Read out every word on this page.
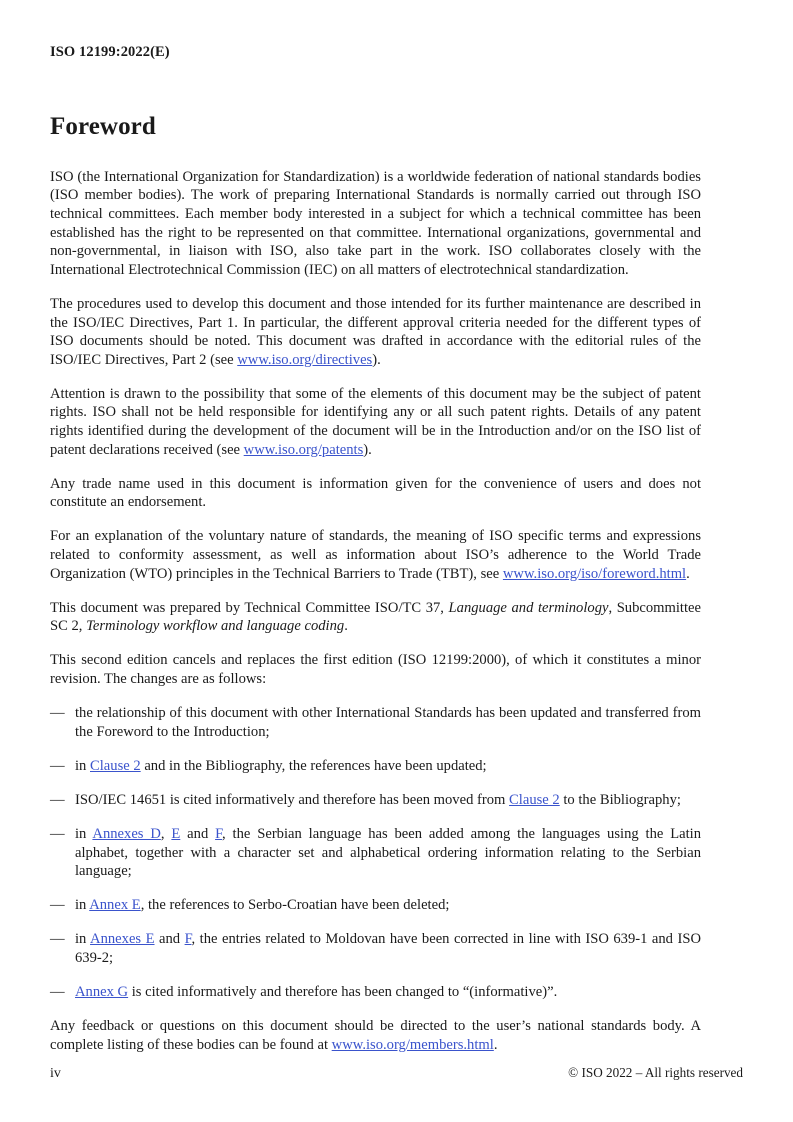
ISO 12199:2022(E)
Foreword

ISO (the International Organization for Standardization) is a worldwide federation of national standards bodies (ISO member bodies). The work of preparing International Standards is normally carried out through ISO technical committees. Each member body interested in a subject for which a technical committee has been established has the right to be represented on that committee. International organizations, governmental and non-governmental, in liaison with ISO, also take part in the work. ISO collaborates closely with the International Electrotechnical Commission (IEC) on all matters of electrotechnical standardization.

The procedures used to develop this document and those intended for its further maintenance are described in the ISO/IEC Directives, Part 1. In particular, the different approval criteria needed for the different types of ISO documents should be noted. This document was drafted in accordance with the editorial rules of the ISO/IEC Directives, Part 2 (see www.iso.org/directives).

Attention is drawn to the possibility that some of the elements of this document may be the subject of patent rights. ISO shall not be held responsible for identifying any or all such patent rights. Details of any patent rights identified during the development of the document will be in the Introduction and/or on the ISO list of patent declarations received (see www.iso.org/patents).

Any trade name used in this document is information given for the convenience of users and does not constitute an endorsement.

For an explanation of the voluntary nature of standards, the meaning of ISO specific terms and expressions related to conformity assessment, as well as information about ISO’s adherence to the World Trade Organization (WTO) principles in the Technical Barriers to Trade (TBT), see www.iso.org/iso/foreword.html.

This document was prepared by Technical Committee ISO/TC 37, Language and terminology, Subcommittee SC 2, Terminology workflow and language coding.

This second edition cancels and replaces the first edition (ISO 12199:2000), of which it constitutes a minor revision. The changes are as follows:

— the relationship of this document with other International Standards has been updated and transferred from the Foreword to the Introduction;
— in Clause 2 and in the Bibliography, the references have been updated;
— ISO/IEC 14651 is cited informatively and therefore has been moved from Clause 2 to the Bibliography;
— in Annexes D, E and F, the Serbian language has been added among the languages using the Latin alphabet, together with a character set and alphabetical ordering information relating to the Serbian language;
— in Annex E, the references to Serbo-Croatian have been deleted;
— in Annexes E and F, the entries related to Moldovan have been corrected in line with ISO 639-1 and ISO 639-2;
— Annex G is cited informatively and therefore has been changed to “(informative)”.

Any feedback or questions on this document should be directed to the user’s national standards body. A complete listing of these bodies can be found at www.iso.org/members.html.

iv	© ISO 2022 – All rights reserved
